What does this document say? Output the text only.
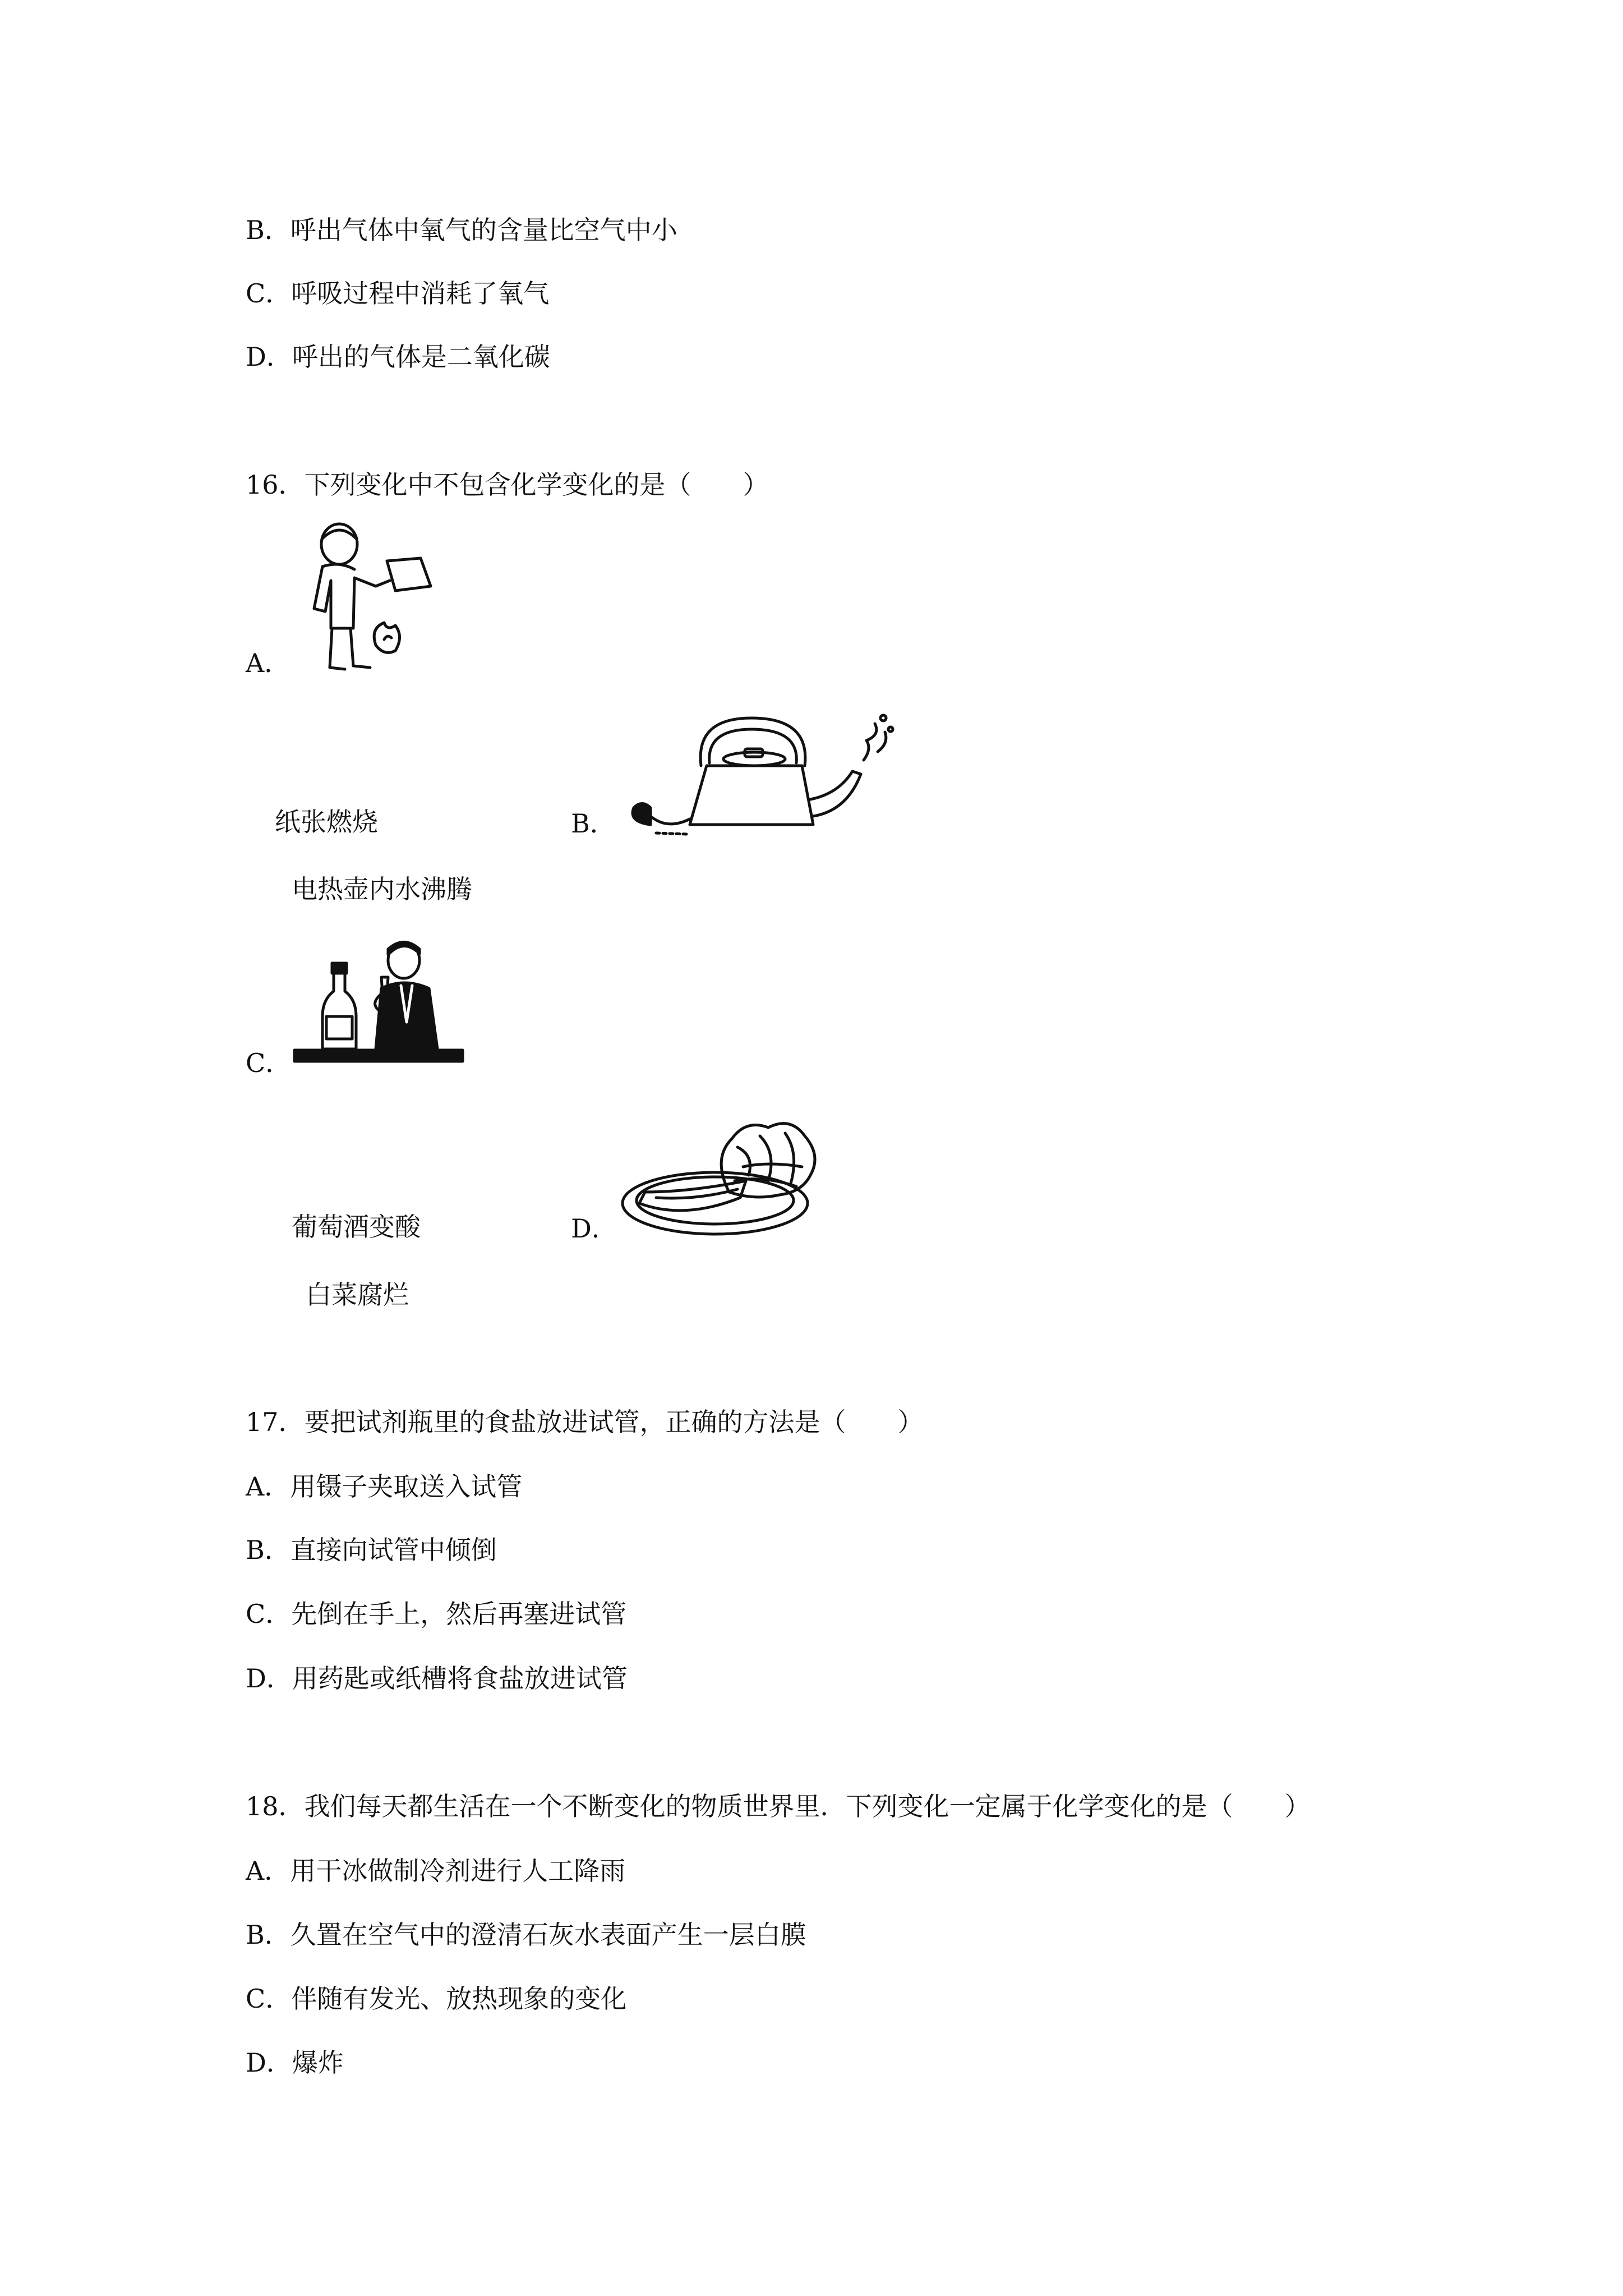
B．呼出气体中氧气的含量比空气中小
C．呼吸过程中消耗了氧气
D．呼出的气体是二氧化碳
16．下列变化中不包含化学变化的是（　　）
A．
纸张燃烧	B．
电热壶内水沸腾
C．
葡萄酒变酸	D．
白菜腐烂
17．要把试剂瓶里的食盐放进试管，正确的方法是（　　）
A．用镊子夹取送入试管
B．直接向试管中倾倒
C．先倒在手上，然后再塞进试管
D．用药匙或纸槽将食盐放进试管
18．我们每天都生活在一个不断变化的物质世界里．下列变化一定属于化学变化的是（　　）
A．用干冰做制冷剂进行人工降雨
B．久置在空气中的澄清石灰水表面产生一层白膜
C．伴随有发光、放热现象的变化
D．爆炸
